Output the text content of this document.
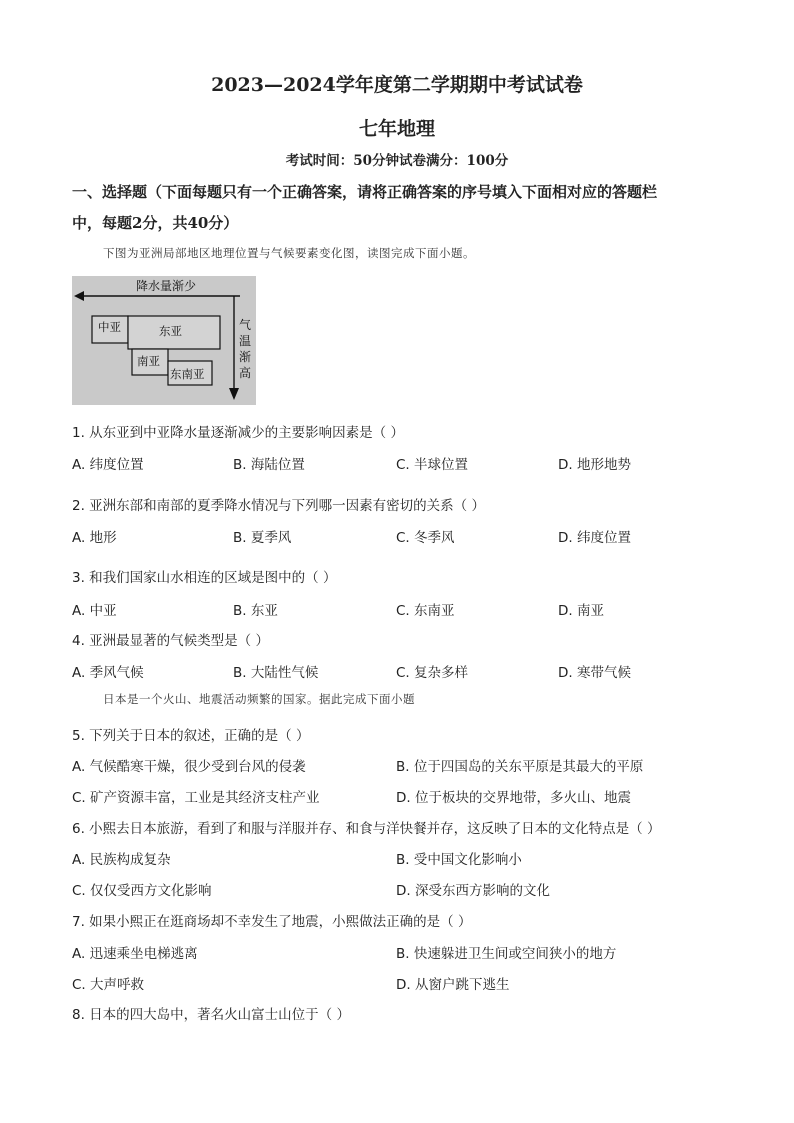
2023—2024学年度第二学期期中考试试卷
七年地理
考试时间：50分钟试卷满分：100分
一、选择题（下面每题只有一个正确答案，请将正确答案的序号填入下面相对应的答题栏
中，每题2分，共40分）
下图为亚洲局部地区地理位置与气候要素变化图，读图完成下面小题。
降水量渐少
气
温
渐
高
中亚	东亚
南亚
东南亚
1. 从东亚到中亚降水量逐渐减少的主要影响因素是（ ）
A. 纬度位置	B. 海陆位置	C. 半球位置	D. 地形地势
2. 亚洲东部和南部的夏季降水情况与下列哪一因素有密切的关系（ ）
A. 地形	B. 夏季风	C. 冬季风	D. 纬度位置
3. 和我们国家山水相连的区域是图中的（ ）
A. 中亚	B. 东亚	C. 东南亚	D. 南亚
4. 亚洲最显著的气候类型是（ ）
A. 季风气候	B. 大陆性气候	C. 复杂多样	D. 寒带气候
日本是一个火山、地震活动频繁的国家。据此完成下面小题
5. 下列关于日本的叙述，正确的是（ ）
A. 气候酷寒干燥，很少受到台风的侵袭	B. 位于四国岛的关东平原是其最大的平原
C. 矿产资源丰富，工业是其经济支柱产业	D. 位于板块的交界地带，多火山、地震
6. 小熙去日本旅游，看到了和服与洋服并存、和食与洋快餐并存，这反映了日本的文化特点是（ ）
A. 民族构成复杂	B. 受中国文化影响小
C. 仅仅受西方文化影响	D. 深受东西方影响的文化
7. 如果小熙正在逛商场却不幸发生了地震，小熙做法正确的是（ ）
A. 迅速乘坐电梯逃离	B. 快速躲进卫生间或空间狭小的地方
C. 大声呼救	D. 从窗户跳下逃生
8. 日本的四大岛中，著名火山富士山位于（ ）
